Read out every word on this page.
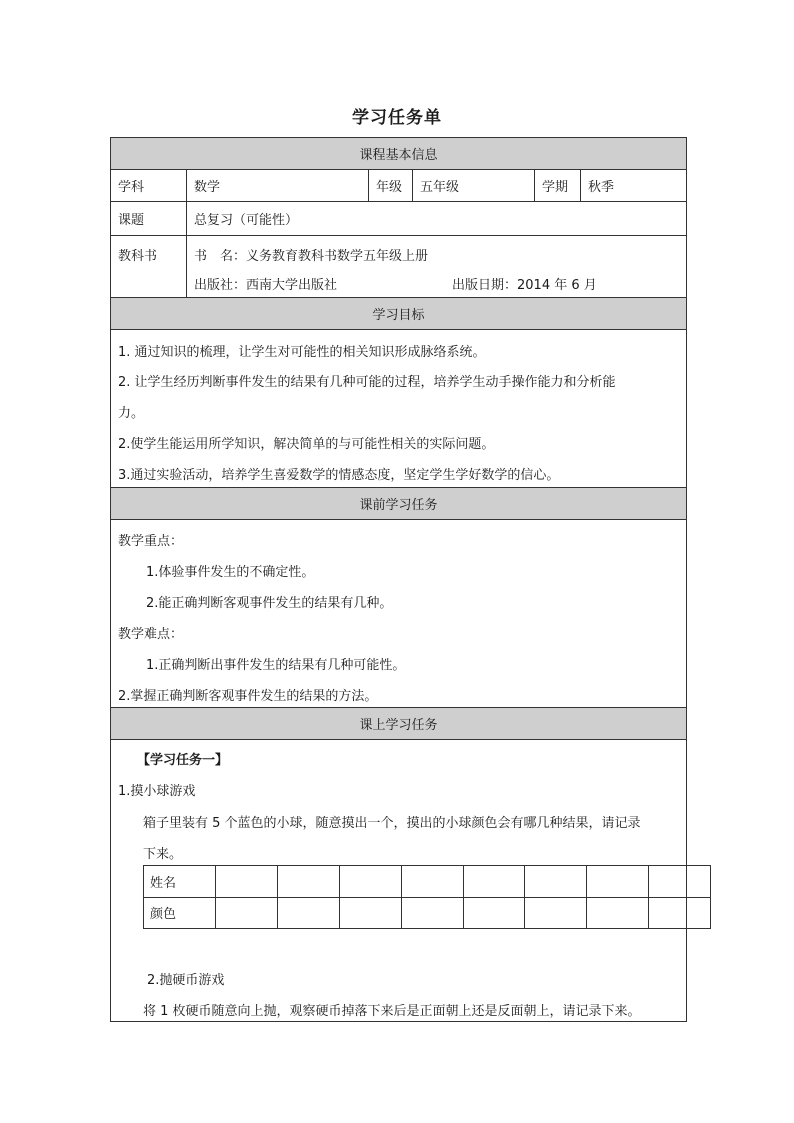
学习任务单
课程基本信息
学科	数学	年级	五年级	学期	秋季
课题	总复习（可能性）
教科书	书　名：义务教育教科书数学五年级上册
出版社：西南大学出版社	出版日期：2014 年 6 月
学习目标
1. 通过知识的梳理，让学生对可能性的相关知识形成脉络系统。
2. 让学生经历判断事件发生的结果有几种可能的过程，培养学生动手操作能力和分析能
力。
2.使学生能运用所学知识，解决简单的与可能性相关的实际问题。
3.通过实验活动，培养学生喜爱数学的情感态度，坚定学生学好数学的信心。
课前学习任务
教学重点：
1.体验事件发生的不确定性。
2.能正确判断客观事件发生的结果有几种。
教学难点：
1.正确判断出事件发生的结果有几种可能性。
2.掌握正确判断客观事件发生的结果的方法。
课上学习任务
【学习任务一】
1.摸小球游戏
箱子里装有 5 个蓝色的小球，随意摸出一个，摸出的小球颜色会有哪几种结果，请记录
下来。
2.抛硬币游戏
将 1 枚硬币随意向上抛，观察硬币掉落下来后是正面朝上还是反面朝上，请记录下来。
姓名								
颜色								
